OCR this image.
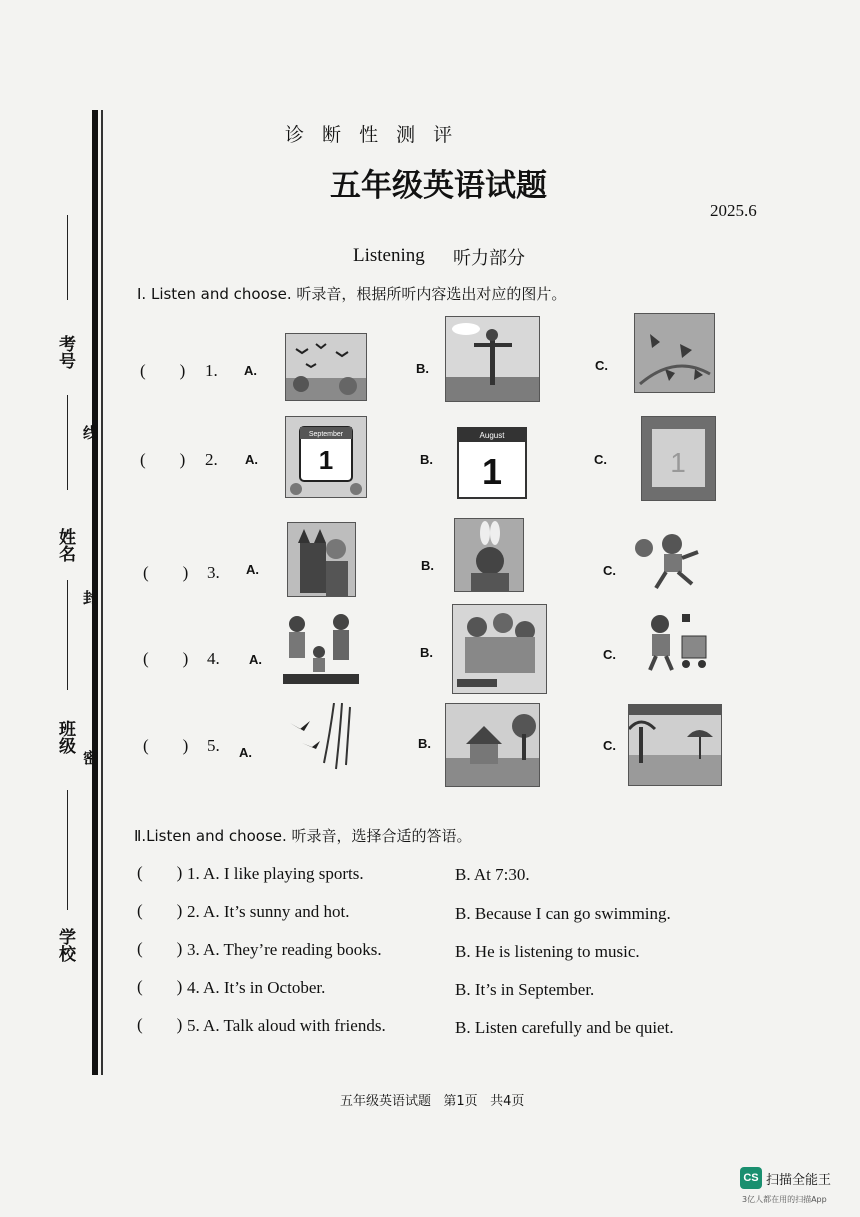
考号
姓名
班级
学校
线
封
密
诊 断 性 测 评
五年级英语试题
2025.6
Listening 听力部分
Ⅰ. Listen and choose. 听录音，根据所听内容选出对应的图片。
(        ) 1. A.	B.	C.
(        ) 2. A.
September
1	B.
August
1	C. 1
(        ) 3. A.	B.	C.
(        ) 4. A.	B.	C.
(        ) 5. A.
B.	C.
Ⅱ.Listen and choose. 听录音，选择合适的答语。
(        ) 1. A. I like playing sports.	B. At 7:30.
(        ) 2. A. It’s sunny and hot.	B. Because I can go swimming.
(        ) 3. A. They’re reading books.	B. He is listening to music.
(        ) 4. A. It’s in October.	B. It’s in September.
(        ) 5. A. Talk aloud with friends.	B. Listen carefully and be quiet.
五年级英语试题   第1页   共4页
CS 扫描全能王
3亿人都在用的扫描App
